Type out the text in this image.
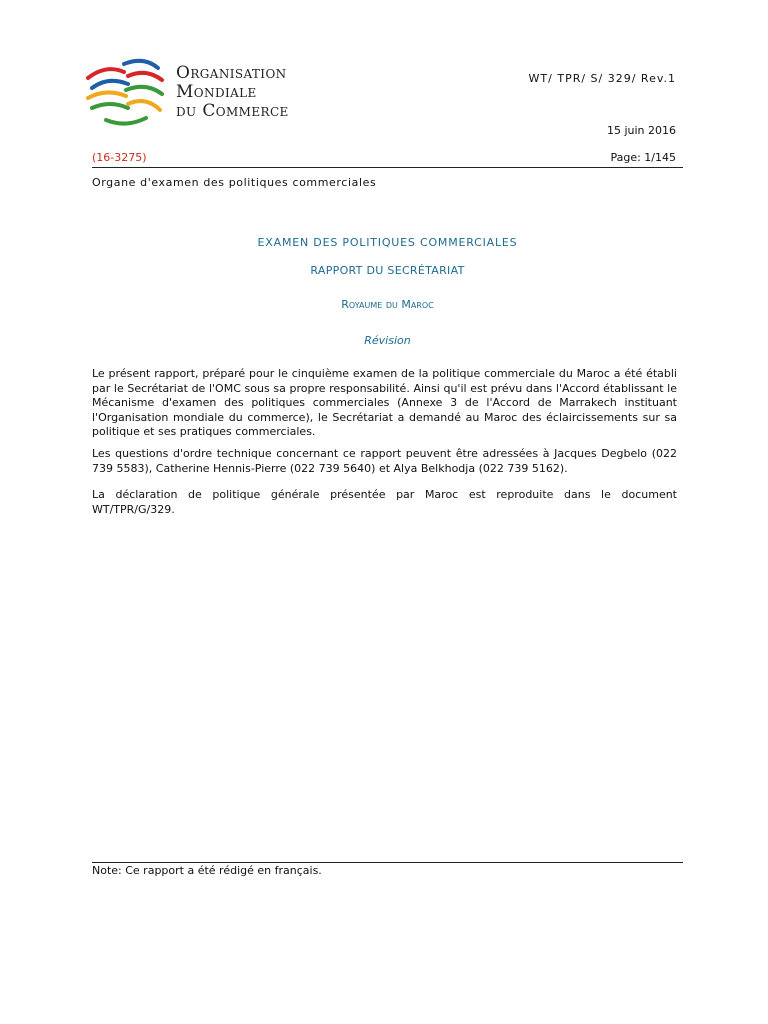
Organisation
Mondiale
du Commerce
WT/ TPR/ S/ 329/ Rev.1
15 juin 2016
(16-3275)	Page: 1/145
Organe d'examen des politiques commerciales
EXAMEN DES POLITIQUES COMMERCIALES
RAPPORT DU SECRÉTARIAT
Royaume du Maroc
Révision
Le présent rapport, préparé pour le cinquième examen de la politique commerciale du Maroc a été établi par le Secrétariat de l'OMC sous sa propre responsabilité. Ainsi qu'il est prévu dans l'Accord établissant le Mécanisme d'examen des politiques commerciales (Annexe 3 de l'Accord de Marrakech instituant l'Organisation mondiale du commerce), le Secrétariat a demandé au Maroc des éclaircissements sur sa politique et ses pratiques commerciales.
Les questions d'ordre technique concernant ce rapport peuvent être adressées à Jacques Degbelo (022 739 5583), Catherine Hennis-Pierre (022 739 5640) et Alya Belkhodja (022 739 5162).
La déclaration de politique générale présentée par Maroc est reproduite dans le document WT/TPR/G/329.
Note: Ce rapport a été rédigé en français.
